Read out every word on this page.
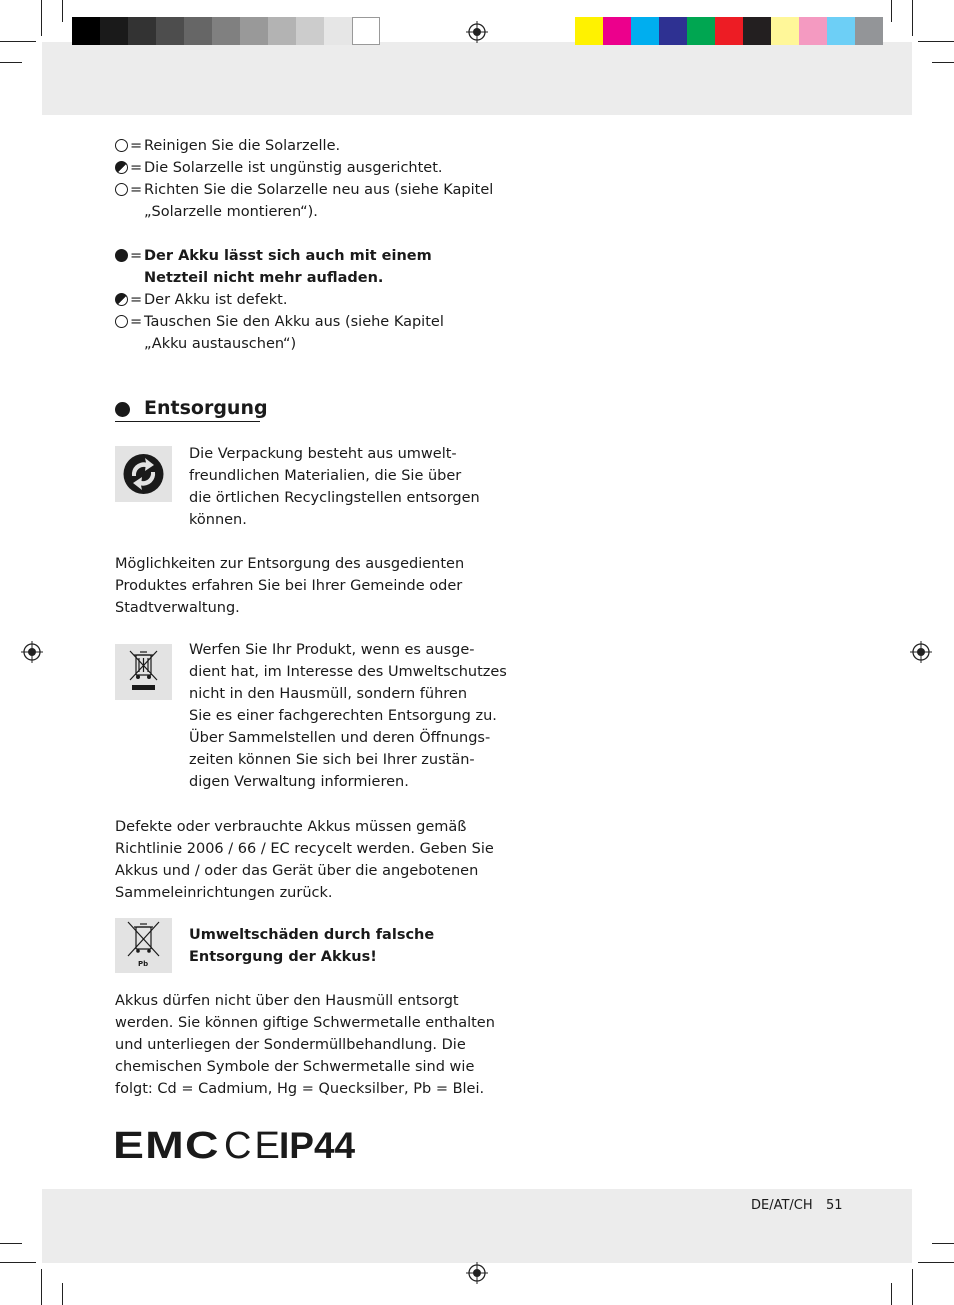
= Reinigen Sie die Solarzelle.
= Die Solarzelle ist ungünstig ausgerichtet.
= Richten Sie die Solarzelle neu aus (siehe Kapitel
„Solarzelle montieren“).
= Der Akku lässt sich auch mit einem
Netzteil nicht mehr aufladen.
= Der Akku ist defekt.
= Tauschen Sie den Akku aus (siehe Kapitel
„Akku austauschen“)
Entsorgung
Die Verpackung besteht aus umwelt-
freundlichen Materialien, die Sie über
die örtlichen Recyclingstellen entsorgen
können.
Möglichkeiten zur Entsorgung des ausgedienten
Produktes erfahren Sie bei Ihrer Gemeinde oder
Stadtverwaltung.
Werfen Sie Ihr Produkt, wenn es ausge-
dient hat, im Interesse des Umweltschutzes
nicht in den Hausmüll, sondern führen
Sie es einer fachgerechten Entsorgung zu.
Über Sammelstellen und deren Öffnungs-
zeiten können Sie sich bei Ihrer zustän-
digen Verwaltung informieren.
Defekte oder verbrauchte Akkus müssen gemäß
Richtlinie 2006 / 66 / EC recycelt werden. Geben Sie
Akkus und / oder das Gerät über die angebotenen
Sammeleinrichtungen zurück.
Pb
Umweltschäden durch falsche
Entsorgung der Akkus!
Akkus dürfen nicht über den Hausmüll entsorgt
werden. Sie können giftige Schwermetalle enthalten
und unterliegen der Sondermüllbehandlung. Die
chemischen Symbole der Schwermetalle sind wie
folgt: Cd = Cadmium, Hg = Quecksilber, Pb = Blei.
EMC CE
IP44
DE/AT/CH 51
